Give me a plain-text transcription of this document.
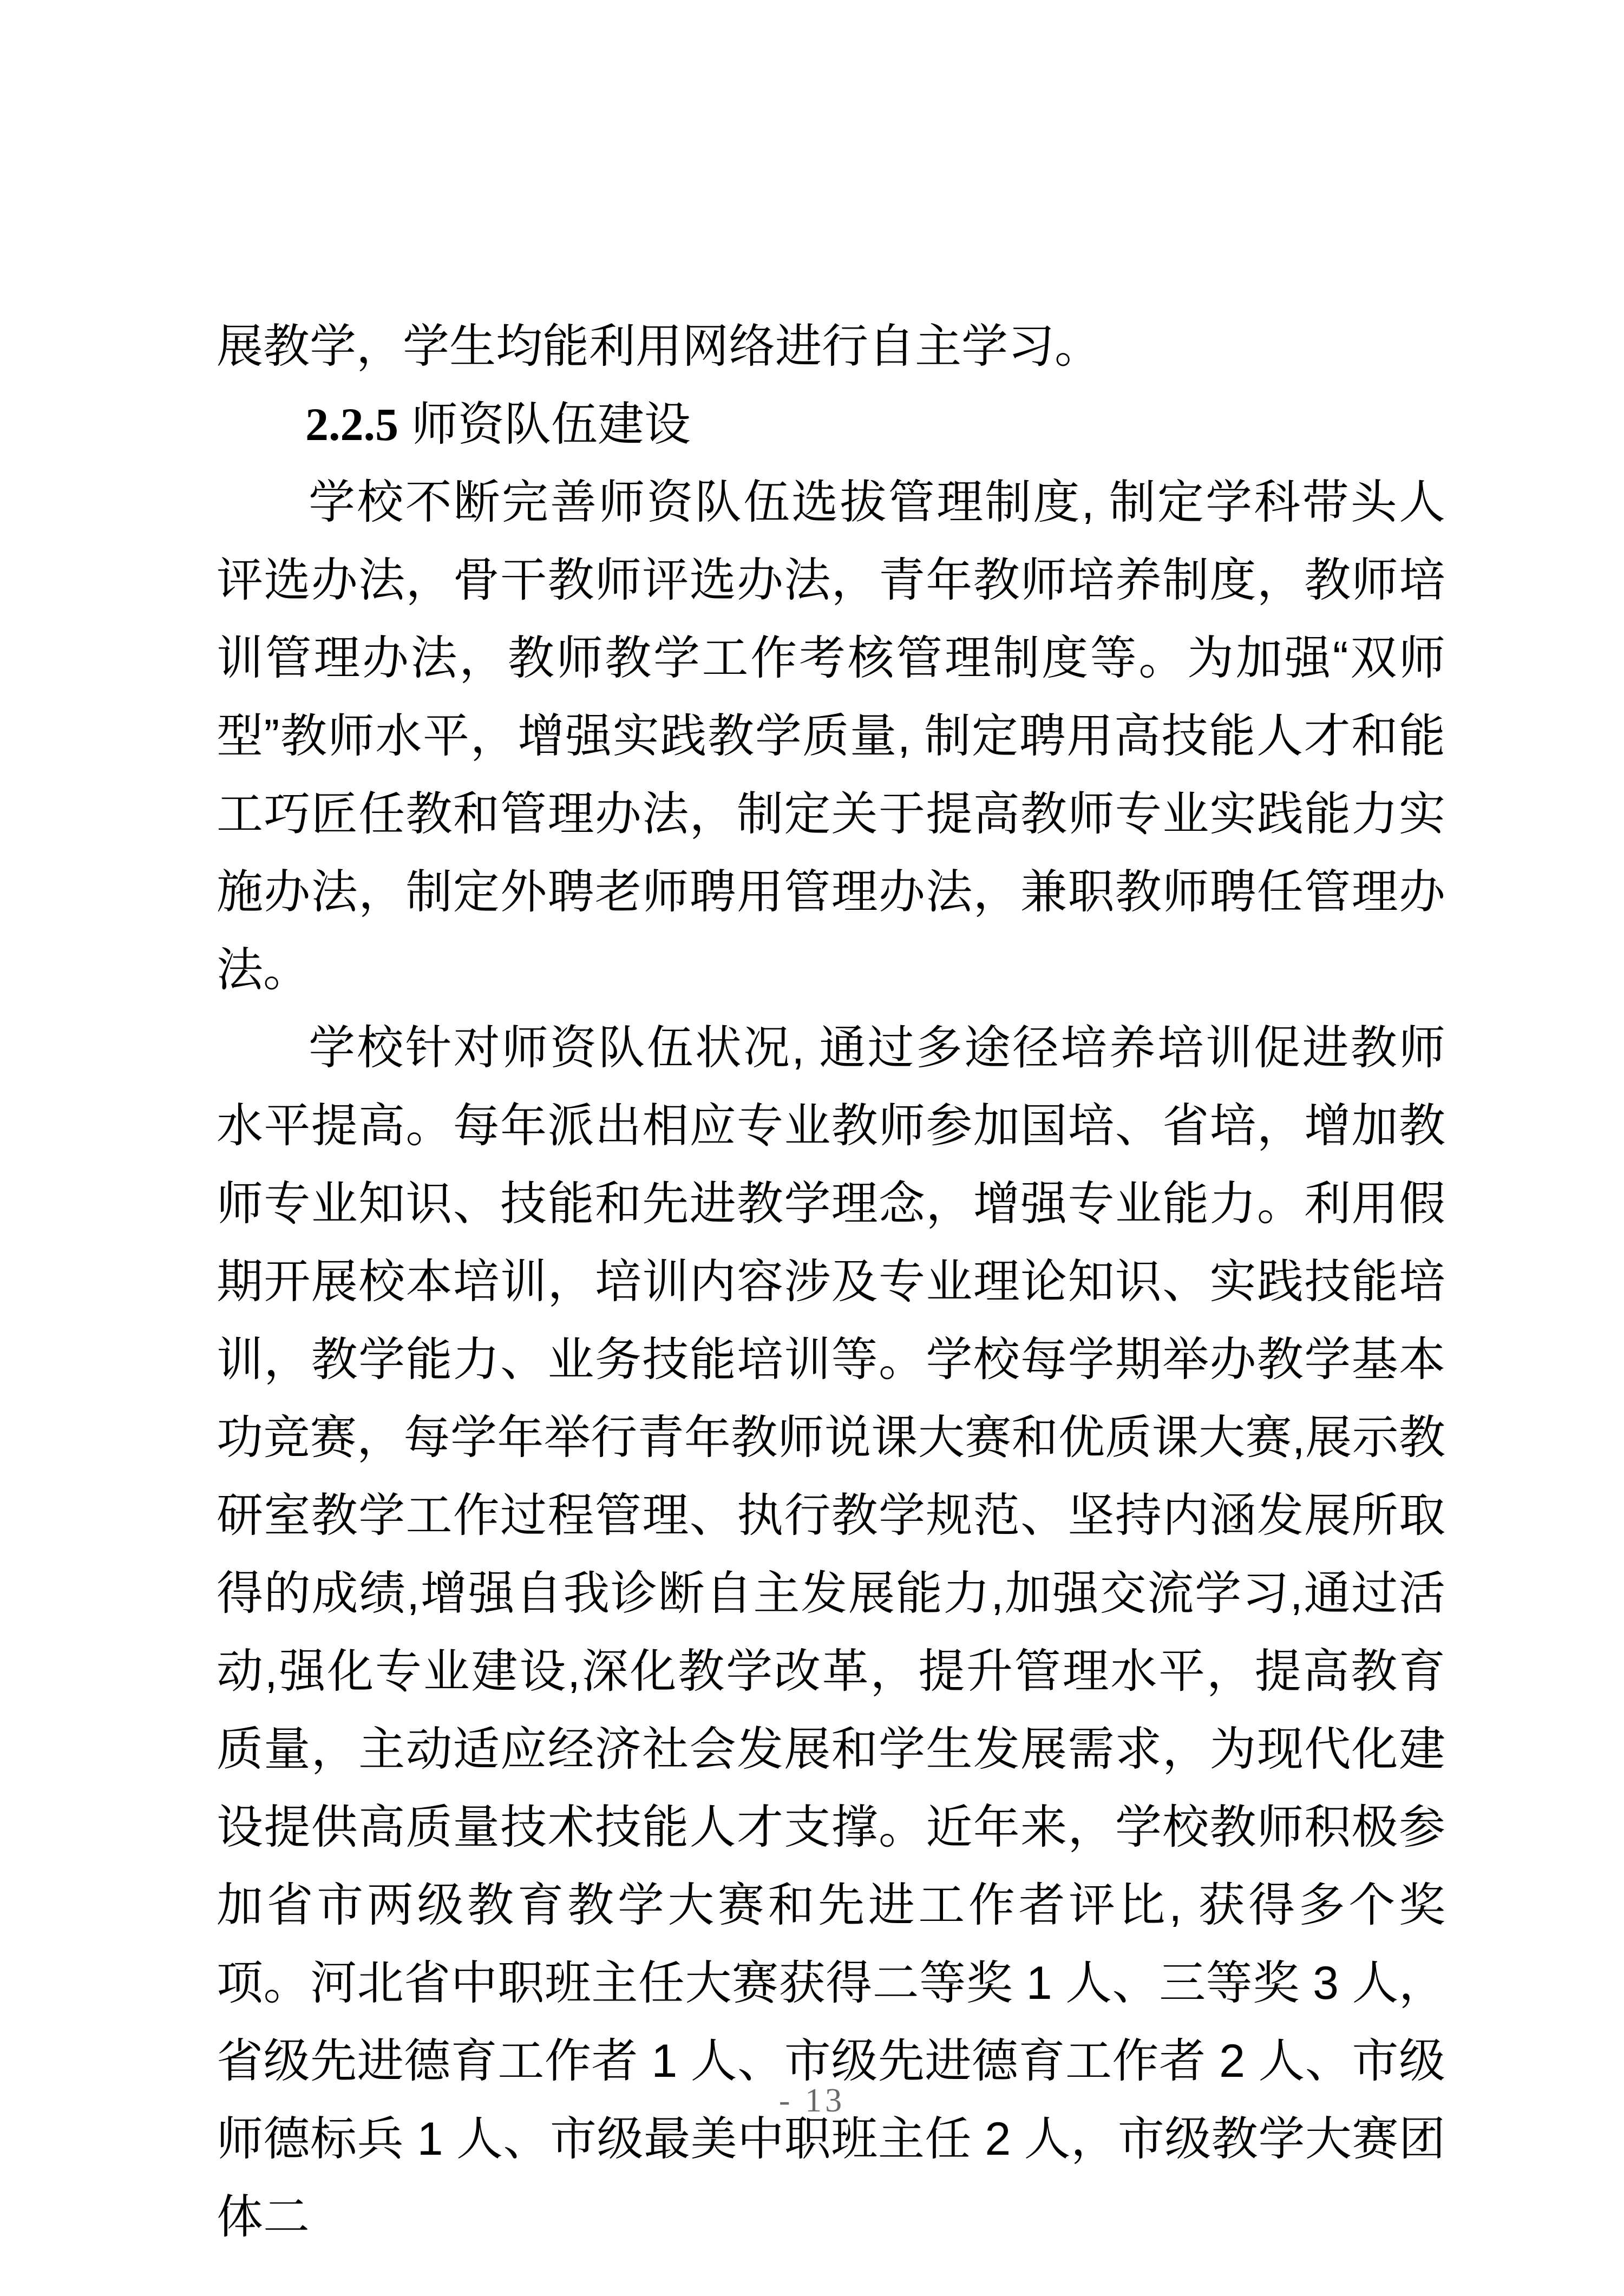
展教学，学生均能利用网络进行自主学习。

2.2.5 师资队伍建设

学校不断完善师资队伍选拔管理制度, 制定学科带头人评选办法，骨干教师评选办法，青年教师培养制度，教师培训管理办法，教师教学工作考核管理制度等。为加强“双师型”教师水平，增强实践教学质量, 制定聘用高技能人才和能工巧匠任教和管理办法，制定关于提高教师专业实践能力实施办法，制定外聘老师聘用管理办法，兼职教师聘任管理办法。

学校针对师资队伍状况, 通过多途径培养培训促进教师水平提高。每年派出相应专业教师参加国培、省培，增加教师专业知识、技能和先进教学理念，增强专业能力。利用假期开展校本培训，培训内容涉及专业理论知识、实践技能培训，教学能力、业务技能培训等。学校每学期举办教学基本功竞赛，每学年举行青年教师说课大赛和优质课大赛,展示教研室教学工作过程管理、执行教学规范、坚持内涵发展所取得的成绩,增强自我诊断自主发展能力,加强交流学习,通过活动,强化专业建设,深化教学改革，提升管理水平，提高教育质量，主动适应经济社会发展和学生发展需求，为现代化建设提供高质量技术技能人才支撑。近年来，学校教师积极参加省市两级教育教学大赛和先进工作者评比, 获得多个奖项。河北省中职班主任大赛获得二等奖 1 人、三等奖 3 人，省级先进德育工作者 1 人、市级先进德育工作者 2 人、市级师德标兵 1 人、市级最美中职班主任 2 人，市级教学大赛团体二

- 13
